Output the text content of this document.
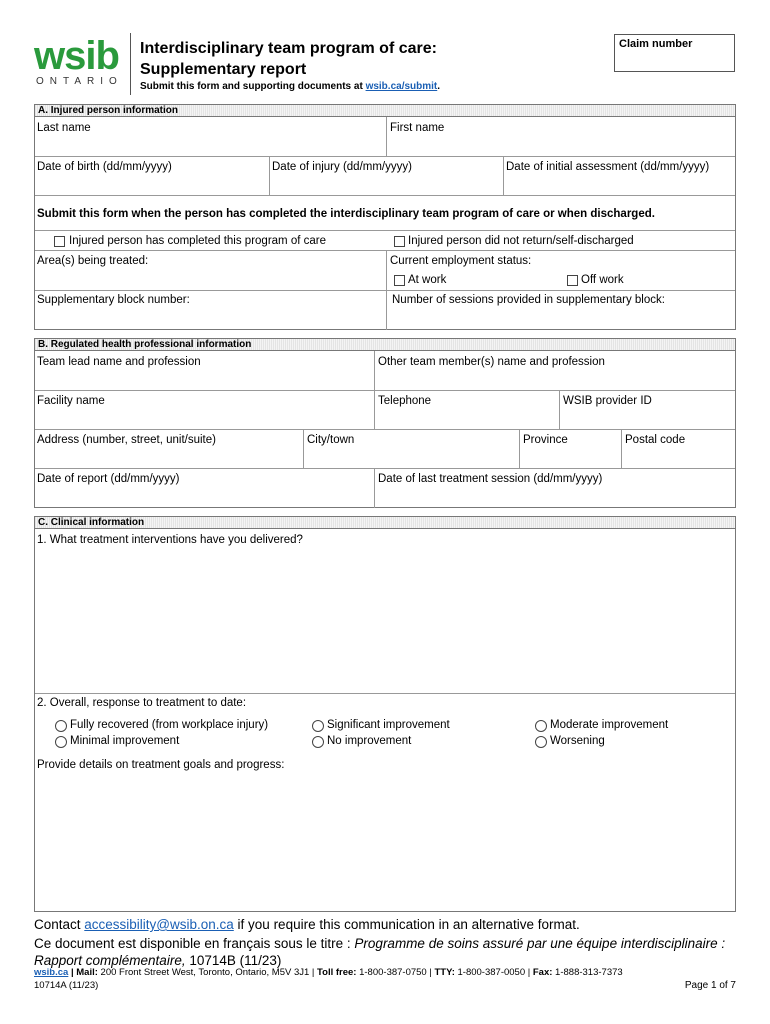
wsib
ONTARIO
Interdisciplinary team program of care:
Supplementary report
Submit this form and supporting documents at wsib.ca/submit.
Claim number
A. Injured person information
Last name	First name
Date of birth (dd/mm/yyyy)	Date of injury (dd/mm/yyyy)	Date of initial assessment (dd/mm/yyyy)
Submit this form when the person has completed the interdisciplinary team program of care or when discharged.
Injured person has completed this program of care	Injured person did not return/self-discharged
Area(s) being treated:	Current employment status:
At work	Off work
Supplementary block number:	Number of sessions provided in supplementary block:
B. Regulated health professional information
Team lead name and profession	Other team member(s) name and profession
Facility name	Telephone	WSIB provider ID
Address (number, street, unit/suite)	City/town	Province	Postal code
Date of report (dd/mm/yyyy)	Date of last treatment session (dd/mm/yyyy)
C. Clinical information
1. What treatment interventions have you delivered?
2. Overall, response to treatment to date:
Fully recovered (from workplace injury)	Significant improvement	Moderate improvement
Minimal improvement	No improvement	Worsening
Provide details on treatment goals and progress:
Contact accessibility@wsib.on.ca if you require this communication in an alternative format.
Ce document est disponible en français sous le titre : Programme de soins assuré par une équipe interdisciplinaire : Rapport complémentaire, 10714B (11/23)
wsib.ca | Mail: 200 Front Street West, Toronto, Ontario, M5V 3J1 | Toll free: 1-800-387-0750 | TTY: 1-800-387-0050 | Fax: 1-888-313-7373
10714A (11/23)	Page 1 of 7
